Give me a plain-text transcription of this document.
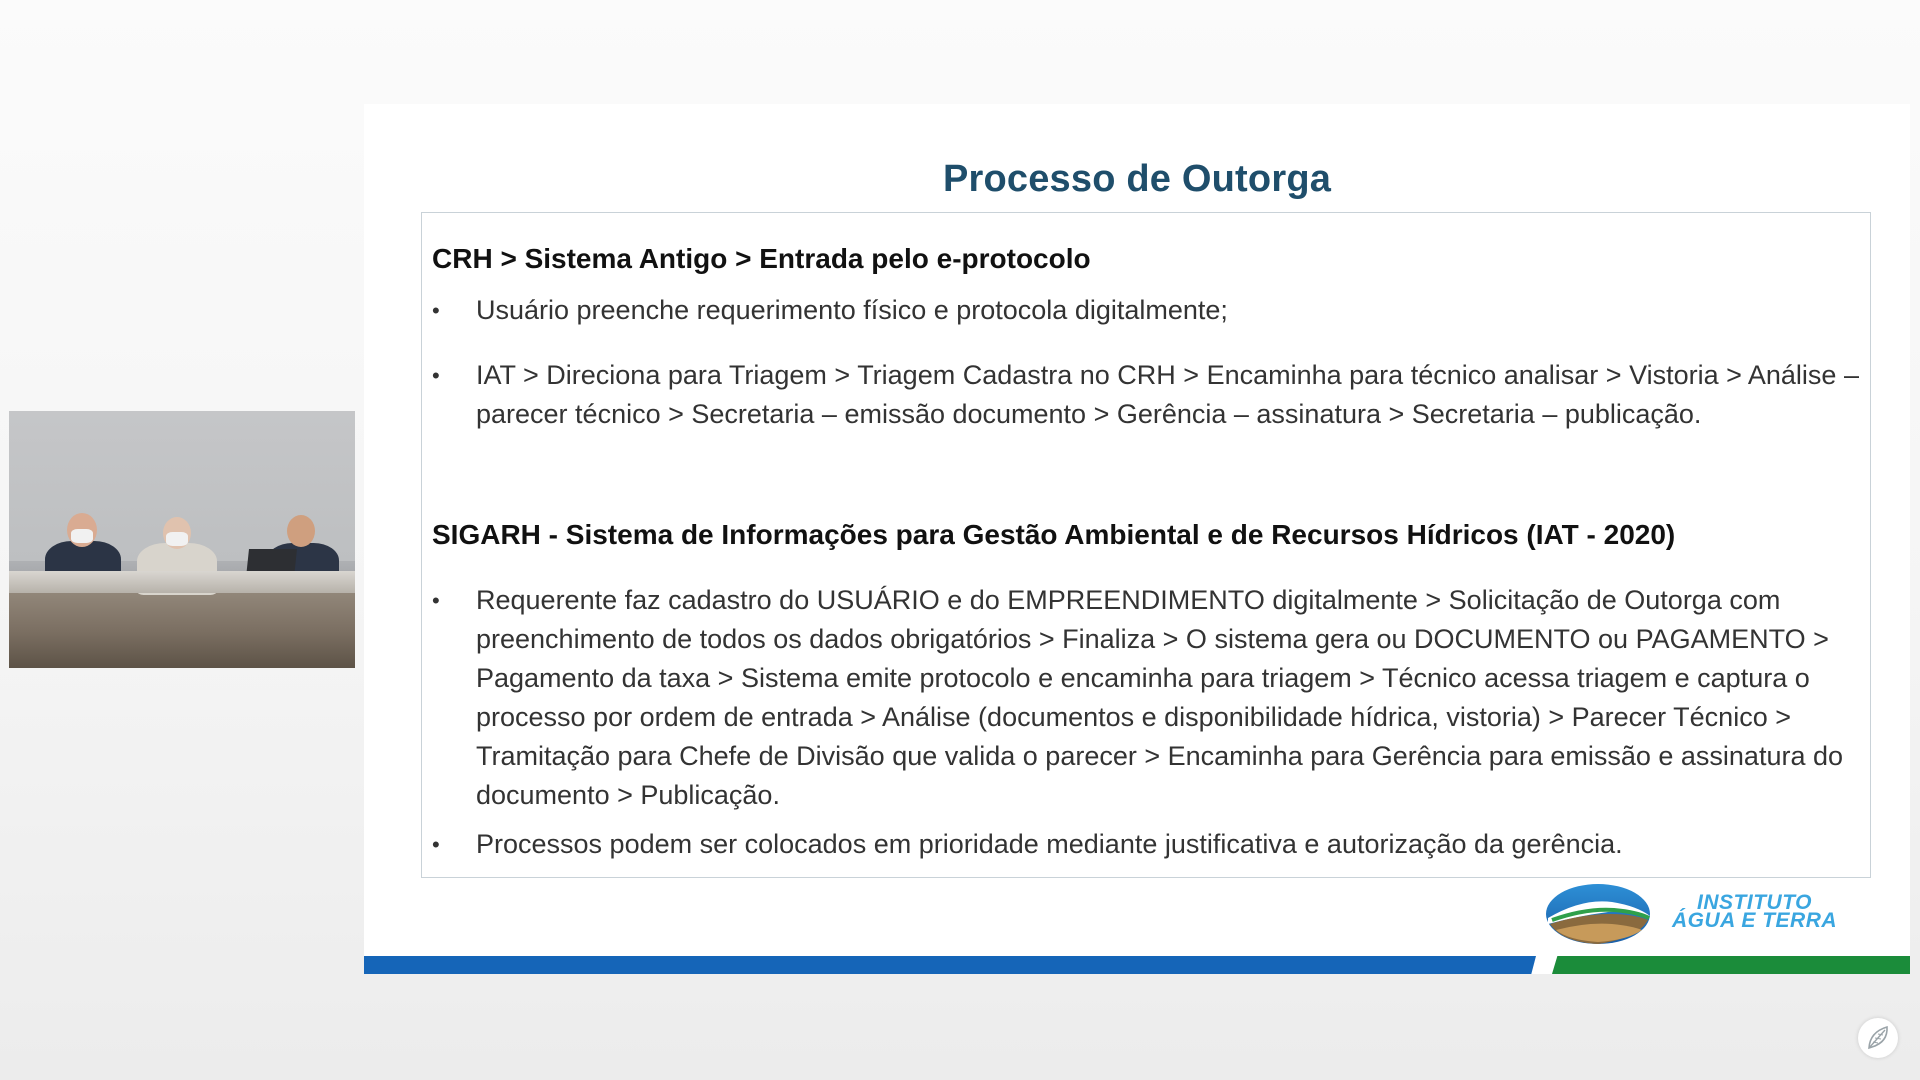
Processo de Outorga
CRH > Sistema Antigo > Entrada pelo e-protocolo
•	Usuário preenche requerimento físico e protocola digitalmente;
•	IAT > Direciona para Triagem > Triagem Cadastra no CRH > Encaminha para técnico analisar > Vistoria > Análise – parecer técnico > Secretaria – emissão documento > Gerência – assinatura > Secretaria – publicação.
SIGARH - Sistema de Informações para Gestão Ambiental e de Recursos Hídricos (IAT - 2020)
•	Requerente faz cadastro do USUÁRIO e do EMPREENDIMENTO digitalmente > Solicitação de Outorga com preenchimento de todos os dados obrigatórios > Finaliza > O sistema gera ou DOCUMENTO ou PAGAMENTO > Pagamento da taxa > Sistema emite protocolo e encaminha para triagem > Técnico acessa triagem e captura o processo por ordem de entrada > Análise (documentos e disponibilidade hídrica, vistoria) > Parecer Técnico > Tramitação para Chefe de Divisão que valida o parecer > Encaminha para Gerência para emissão e assinatura do documento > Publicação.
•	Processos podem ser colocados em prioridade mediante justificativa e autorização da gerência.
INSTITUTO
ÁGUA E TERRA
